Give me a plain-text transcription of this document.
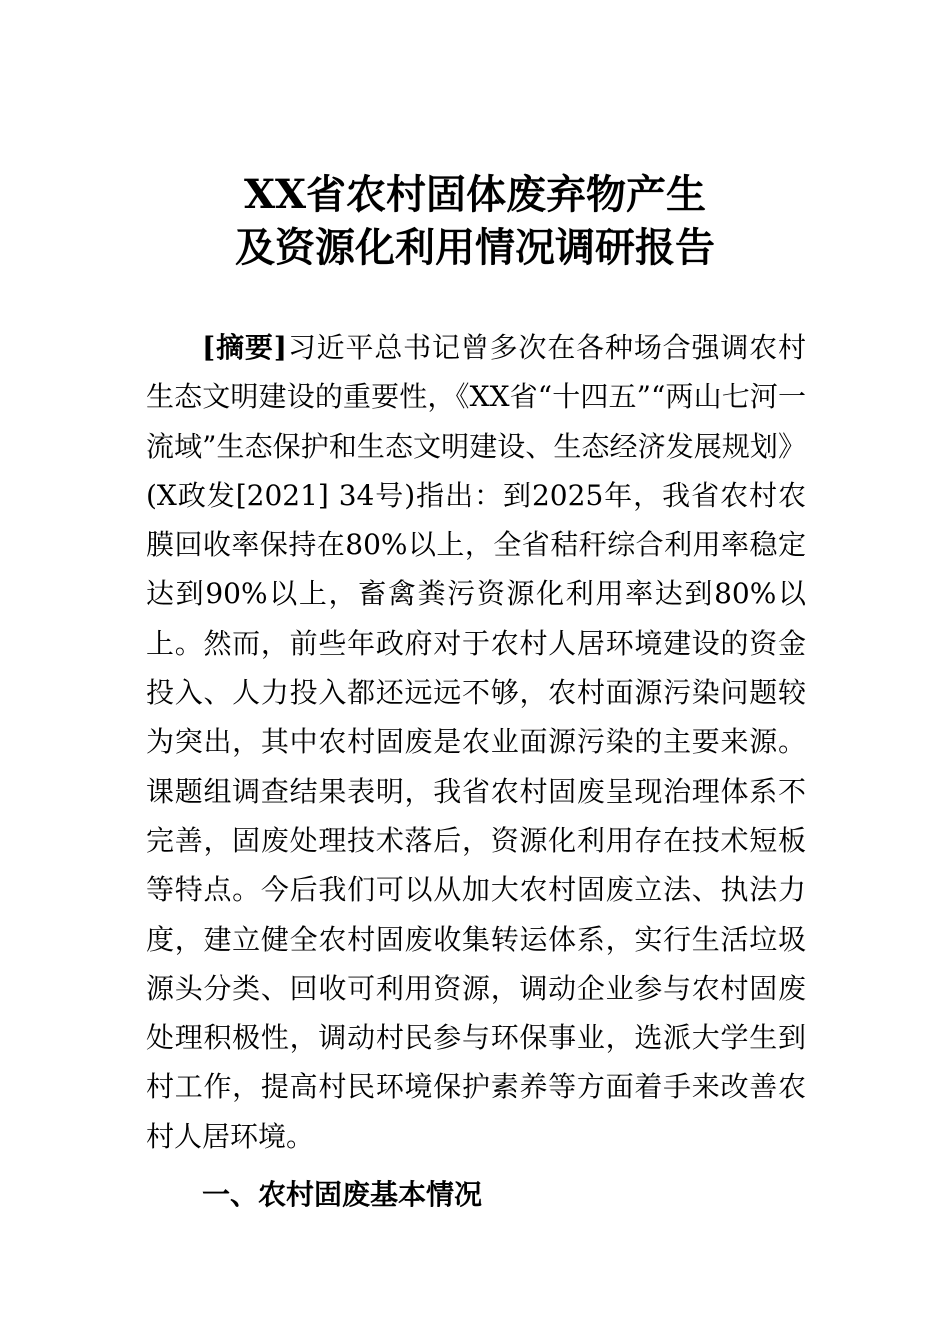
XX省农村固体废弃物产生
及资源化利用情况调研报告

[摘要]习近平总书记曾多次在各种场合强调农村生态文明建设的重要性，《XX省“十四五”“两山七河一流域”生态保护和生态文明建设、生态经济发展规划》(X政发[2021] 34号)指出：到2025年，我省农村农膜回收率保持在80%以上，全省秸秆综合利用率稳定达到90%以上，畜禽粪污资源化利用率达到80%以上。然而，前些年政府对于农村人居环境建设的资金投入、人力投入都还远远不够，农村面源污染问题较为突出，其中农村固废是农业面源污染的主要来源。课题组调查结果表明，我省农村固废呈现治理体系不完善，固废处理技术落后，资源化利用存在技术短板等特点。今后我们可以从加大农村固废立法、执法力度，建立健全农村固废收集转运体系，实行生活垃圾源头分类、回收可利用资源，调动企业参与农村固废处理积极性，调动村民参与环保事业，选派大学生到村工作，提高村民环境保护素养等方面着手来改善农村人居环境。

一、农村固废基本情况
